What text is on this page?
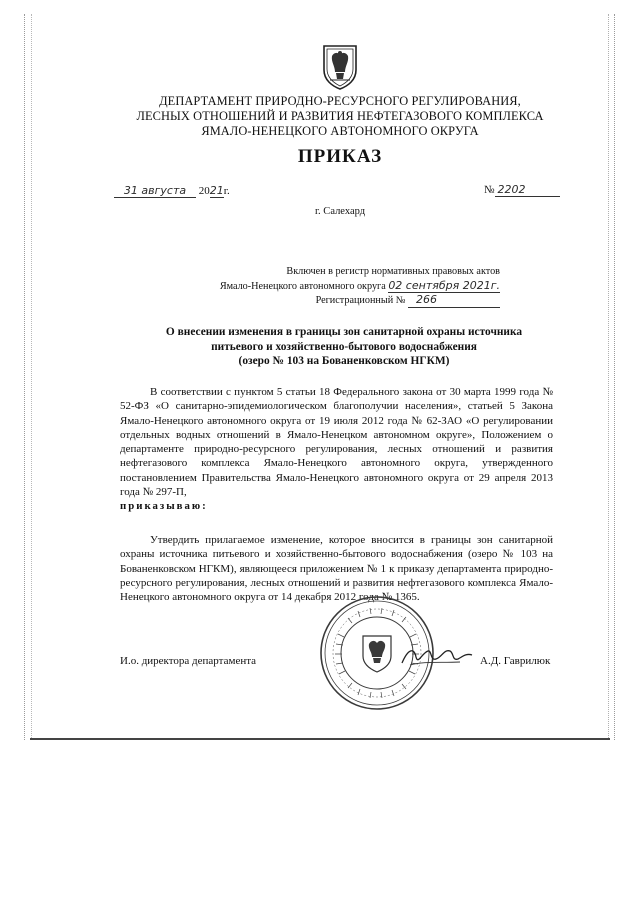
ДЕПАРТАМЕНТ ПРИРОДНО-РЕСУРСНОГО РЕГУЛИРОВАНИЯ,
ЛЕСНЫХ ОТНОШЕНИЙ И РАЗВИТИЯ НЕФТЕГАЗОВОГО КОМПЛЕКСА
ЯМАЛО-НЕНЕЦКОГО АВТОНОМНОГО ОКРУГА
ПРИКАЗ
31 августа 2021г.	№ 2202
г. Салехард
Включен в регистр нормативных правовых актов
Ямало-Ненецкого автономного округа 02 сентября 2021г.
Регистрационный № 266
О внесении изменения в границы зон санитарной охраны источника
питьевого и хозяйственно-бытового водоснабжения
(озеро № 103 на Бованенковском НГКМ)
В соответствии с пунктом 5 статьи 18 Федерального закона от 30 марта 1999 года № 52-ФЗ «О санитарно-эпидемиологическом благополучии населения», статьей 5 Закона Ямало-Ненецкого автономного округа от 19 июля 2012 года № 62-ЗАО «О регулировании отдельных водных отношений в Ямало-Ненецком автономном округе», Положением о департаменте природно-ресурсного регулирования, лесных отношений и развития нефтегазового комплекса Ямало-Ненецкого автономного округа, утвержденного постановлением Правительства Ямало-Ненецкого автономного округа от 29 апреля 2013 года № 297-П,
приказываю:
Утвердить прилагаемое изменение, которое вносится в границы зон санитарной охраны источника питьевого и хозяйственно-бытового водоснабжения (озеро № 103 на Бованенковском НГКМ), являющееся приложением № 1 к приказу департамента природно-ресурсного регулирования, лесных отношений и развития нефтегазового комплекса Ямало-Ненецкого автономного округа от 14 декабря 2012 года № 1365.
И.о. директора департамента	А.Д. Гаврилюк
